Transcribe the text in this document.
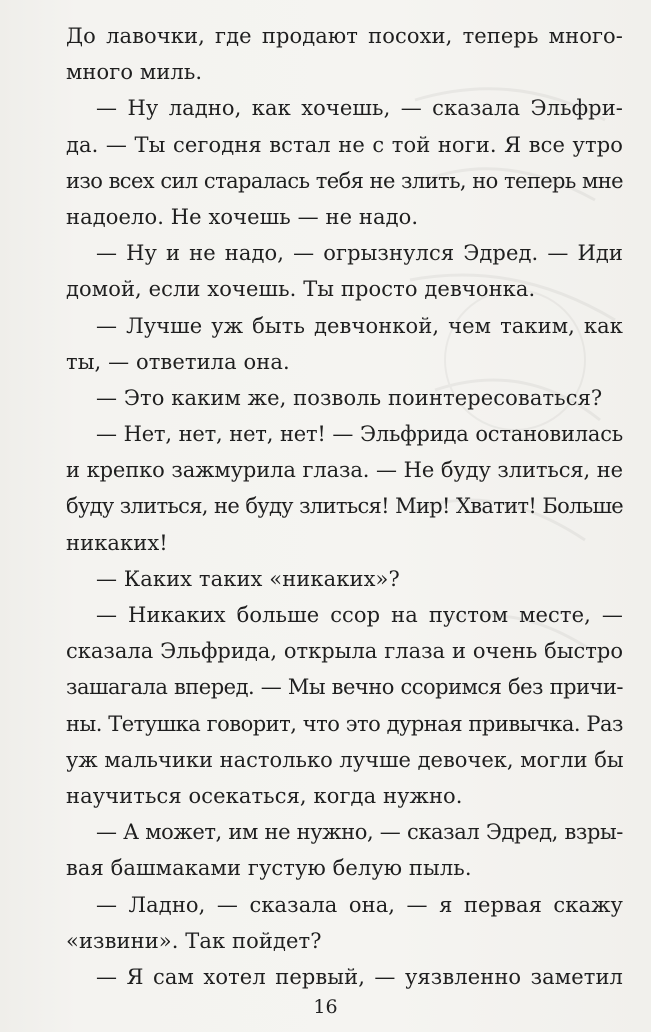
До лавочки, где продают посохи, теперь много-
много миль.
— Ну ладно, как хочешь, — сказала Эльфри-
да. — Ты сегодня встал не с той ноги. Я все утро
изо всех сил старалась тебя не злить, но теперь мне
надоело. Не хочешь — не надо.
— Ну и не надо, — огрызнулся Эдред. — Иди
домой, если хочешь. Ты просто девчонка.
— Лучше уж быть девчонкой, чем таким, как
ты, — ответила она.
— Это каким же, позволь поинтересоваться?
— Нет, нет, нет, нет! — Эльфрида остановилась
и крепко зажмурила глаза. — Не буду злиться, не
буду злиться, не буду злиться! Мир! Хватит! Больше
никаких!
— Каких таких «никаких»?
— Никаких больше ссор на пустом месте, —
сказала Эльфрида, открыла глаза и очень быстро
зашагала вперед. — Мы вечно ссоримся без причи-
ны. Тетушка говорит, что это дурная привычка. Раз
уж мальчики настолько лучше девочек, могли бы
научиться осекаться, когда нужно.
— А может, им не нужно, — сказал Эдред, взры-
вая башмаками густую белую пыль.
— Ладно, — сказала она, — я первая скажу
«извини». Так пойдет?
— Я сам хотел первый, — уязвленно заметил
16
